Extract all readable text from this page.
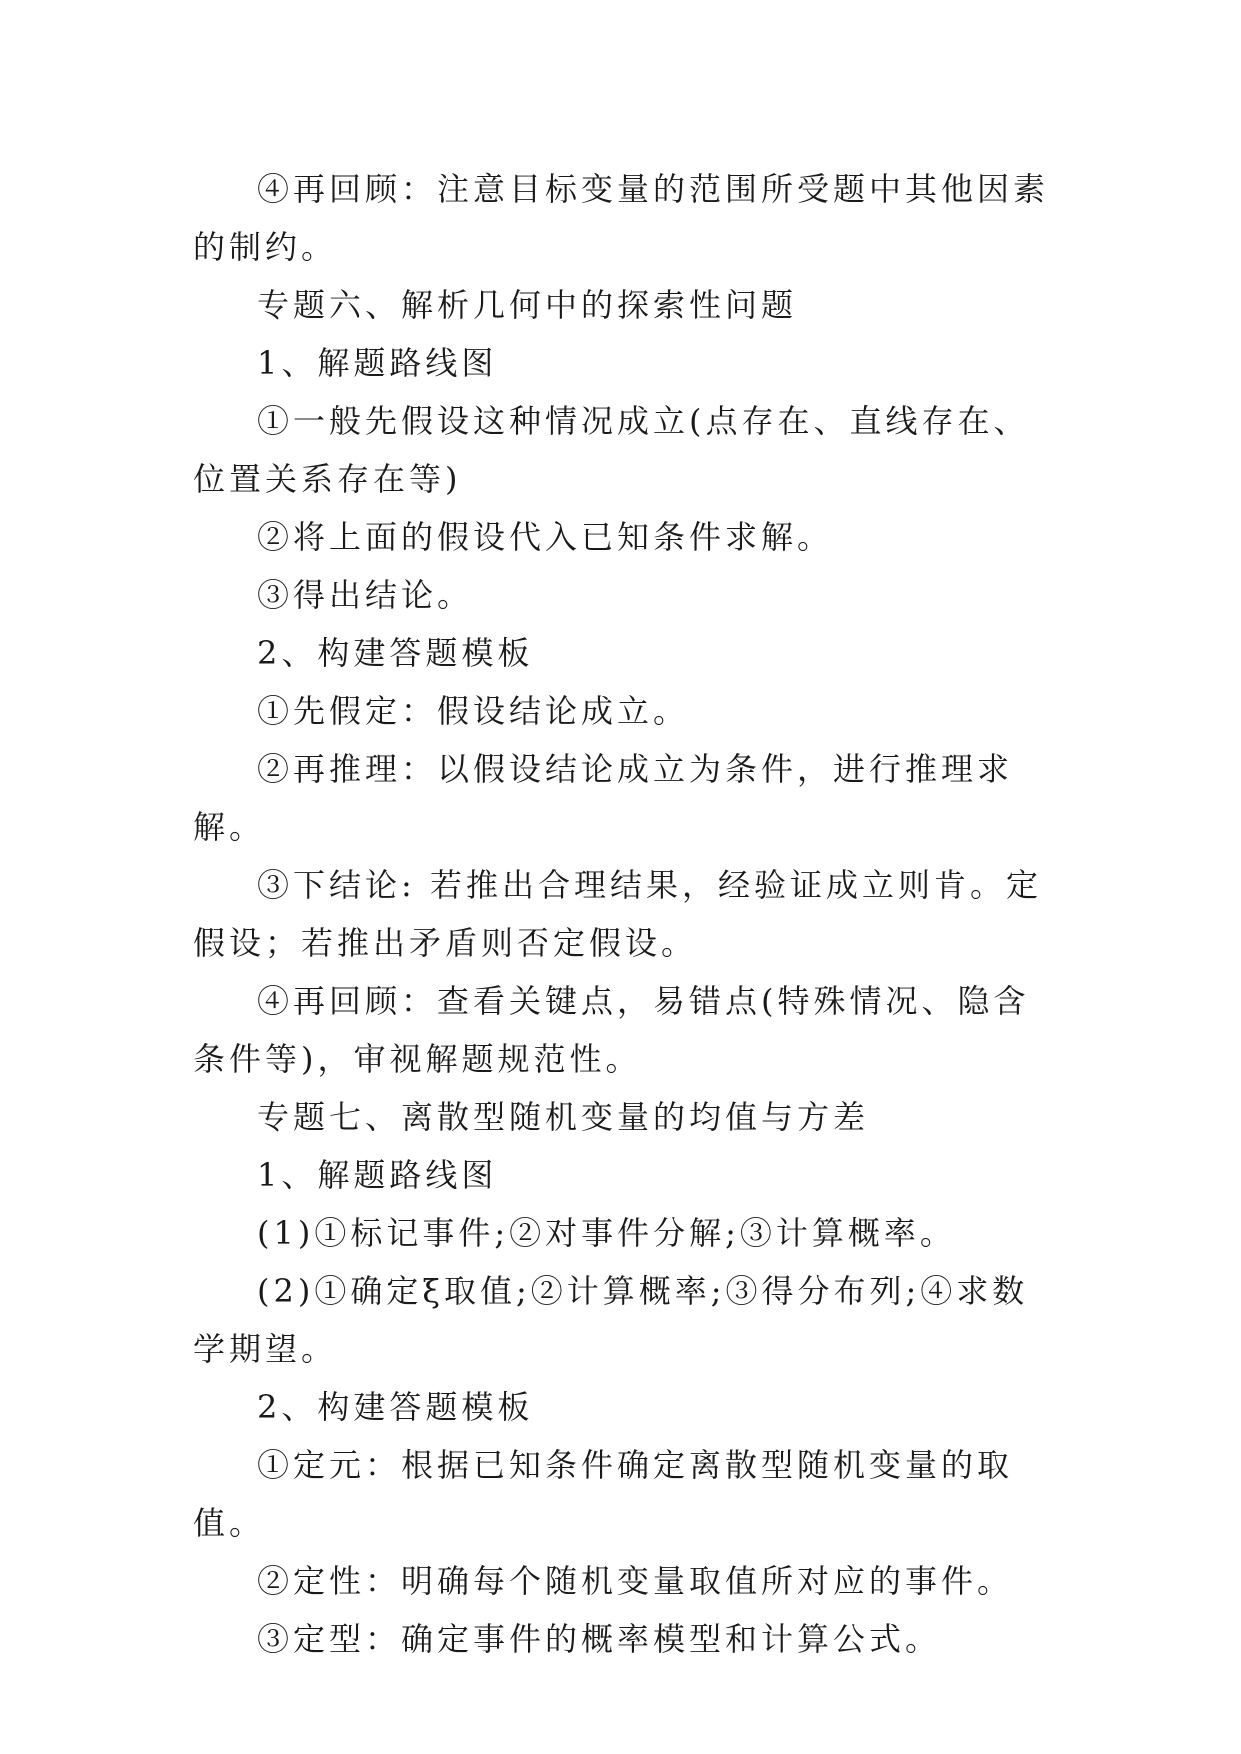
④再回顾：注意目标变量的范围所受题中其他因素的制约。

专题六、解析几何中的探索性问题

1、解题路线图

①一般先假设这种情况成立(点存在、直线存在、位置关系存在等)

②将上面的假设代入已知条件求解。

③得出结论。

2、构建答题模板

①先假定：假设结论成立。

②再推理：以假设结论成立为条件，进行推理求解。

③下结论: 若推出合理结果，经验证成立则肯。定假设；若推出矛盾则否定假设。

④再回顾：查看关键点，易错点(特殊情况、隐含条件等)，审视解题规范性。

专题七、离散型随机变量的均值与方差

1、解题路线图

(1)①标记事件;②对事件分解;③计算概率。

(2)①确定ξ取值;②计算概率;③得分布列;④求数学期望。

2、构建答题模板

①定元：根据已知条件确定离散型随机变量的取值。

②定性：明确每个随机变量取值所对应的事件。

③定型：确定事件的概率模型和计算公式。
